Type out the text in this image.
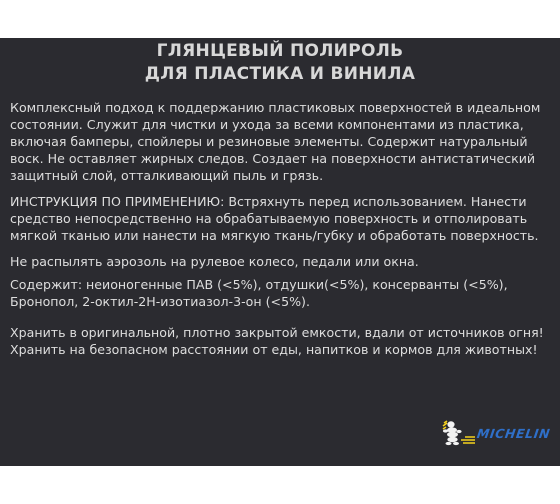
ГЛЯНЦЕВЫЙ ПОЛИРОЛЬ
ДЛЯ ПЛАСТИКА И ВИНИЛА
Комплексный подход к поддержанию пластиковых поверхностей в идеальном
состоянии. Служит для чистки и ухода за всеми компонентами из пластика,
включая бамперы, спойлеры и резиновые элементы. Содержит натуральный
воск. Не оставляет жирных следов. Создает на поверхности антистатический
защитный слой, отталкивающий пыль и грязь.
ИНСТРУКЦИЯ ПО ПРИМЕНЕНИЮ: Встряхнуть перед использованием. Нанести
средство непосредственно на обрабатываемую поверхность и отполировать
мягкой тканью или нанести на мягкую ткань/губку и обработать поверхность.
Не распылять аэрозоль на рулевое колесо, педали или окна.
Содержит: неионогенные ПАВ (<5%), отдушки(<5%), консерванты (<5%),
Бронопол, 2-октил-2Н-изотиазол-3-он (<5%).
Хранить в оригинальной, плотно закрытой емкости, вдали от источников огня!
Хранить на безопасном расстоянии от еды, напитков и кормов для животных!
MICHELIN
